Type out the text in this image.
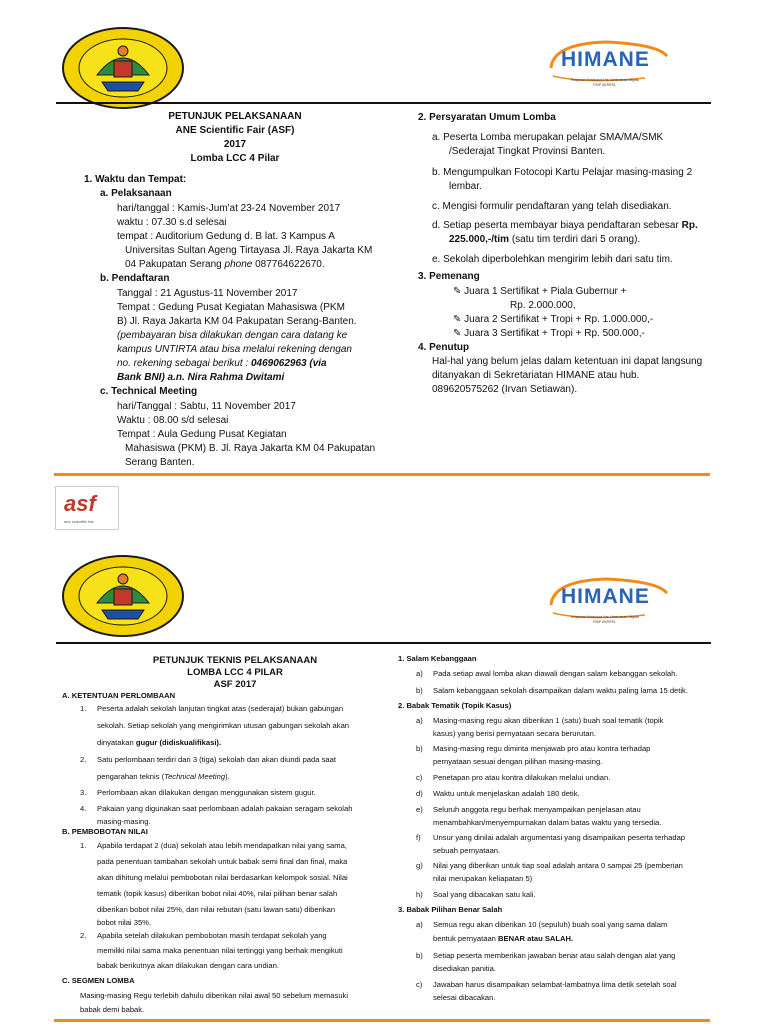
HIMANE
Himpunan Mahasiswa Ilmu Administrasi Negara
FISIP UNTIRTA
PETUNJUK PELAKSANAAN
ANE Scientific Fair (ASF)
2017
Lomba LCC 4 Pilar
1. Waktu dan Tempat:
a. Pelaksanaan
hari/tanggal : Kamis-Jum'at 23-24 November 2017
waktu : 07.30 s.d selesai
tempat : Auditorium Gedung d. B lat. 3 Kampus A
Universitas Sultan Ageng Tirtayasa Jl. Raya Jakarta KM
04 Pakupatan Serang phone 087764622670.
b. Pendaftaran
Tanggal : 21 Agustus-11 November 2017
Tempat : Gedung Pusat Kegiatan Mahasiswa (PKM
B) Jl. Raya Jakarta KM 04 Pakupatan Serang-Banten.
(pembayaran bisa dilakukan dengan cara datang ke
kampus UNTIRTA atau bisa melalui rekening dengan
no. rekening sebagai berikut : 0469062963 (via
Bank BNI) a.n. Nira Rahma Dwitami
c. Technical Meeting
hari/Tanggal : Sabtu, 11 November 2017
Waktu : 08.00 s/d selesai
Tempat : Aula Gedung Pusat Kegiatan
Mahasiswa (PKM) B. Jl. Raya Jakarta KM 04 Pakupatan
Serang Banten.
2. Persyaratan Umum Lomba
a. Peserta Lomba merupakan pelajar SMA/MA/SMK
/Sederajat Tingkat Provinsi Banten.
b. Mengumpulkan Fotocopi Kartu Pelajar masing-masing 2
lembar.
c. Mengisi formulir pendaftaran yang telah disediakan.
d. Setiap peserta membayar biaya pendaftaran sebesar Rp.
225.000,-/tim (satu tim terdiri dari 5 orang).
e. Sekolah diperbolehkan mengirim lebih dari satu tim.
3. Pemenang
✎ Juara 1 Sertifikat + Piala Gubernur +
Rp. 2.000.000,
✎ Juara 2 Sertifikat + Tropi + Rp. 1.000.000,-
✎ Juara 3 Sertifikat + Tropi + Rp. 500.000,-
4. Penutup
Hal-hal yang belum jelas dalam ketentuan ini dapat langsung
ditanyakan di Sekretariatan HIMANE atau hub.
089620575262 (Irvan Setiawan).
asf
ane scientific fair
HIMANE
Himpunan Mahasiswa Ilmu Administrasi Negara
FISIP UNTIRTA
PETUNJUK TEKNIS PELAKSANAAN
LOMBA LCC 4 PILAR
ASF 2017
A. KETENTUAN PERLOMBAAN
1. Peserta adalah sekolah lanjutan tingkat atas (sederajat) bukan gabungan
sekolah. Setiap sekolah yang mengirimkan utusan gabungan sekolah akan
dinyatakan gugur (didiskualifikasi).
2. Satu perlombaan terdiri dari 3 (tiga) sekolah dan akan diundi pada saat
pengarahan teknis (Technical Meeting).
3. Perlombaan akan dilakukan dengan menggunakan sistem gugur.
4. Pakaian yang digunakan saat perlombaan adalah pakaian seragam sekolah
masing-masing.
B. PEMBOBOTAN NILAI
1. Apabila terdapat 2 (dua) sekolah atau lebih mendapatkan nilai yang sama,
pada penentuan tambahan sekolah untuk babak semi final dan final, maka
akan dihitung melalui pembobotan nilai berdasarkan kelompok sosial. Nilai
tematik (topik kasus) diberikan bobot nilai 40%, nilai pilihan benar salah
diberikan bobot nilai 25%, dan nilai rebutan (satu lawan satu) diberikan
bobot nilai 35%.
2. Apabila setelah dilakukan pembobotan masih terdapat sekolah yang
memiliki nilai sama maka penentuan nilai tertinggi yang berhak mengikuti
babak berikutnya akan dilakukan dengan cara undian.
C. SEGMEN LOMBA
Masing-masing Regu terlebih dahulu diberikan nilai awal 50 sebelum memasuki
babak demi babak.
1. Salam Kebanggaan
a) Pada setiap awal lomba akan diawali dengan salam kebanggan sekolah.
b) Salam kebanggaan sekolah disampaikan dalam waktu paling lama 15 detik.
2. Babak Tematik (Topik Kasus)
a) Masing-masing regu akan diberikan 1 (satu) buah soal tematik (topik
kasus) yang berisi pernyataan secara berurutan.
b) Masing-masing regu diminta menjawab pro atau kontra terhadap
pernyataan sesuai dengan pilihan masing-masing.
c) Penetapan pro atau kontra dilakukan melalui undian.
d) Waktu untuk menjelaskan adalah 180 detik.
e) Seluruh anggota regu berhak menyampaikan penjelasan atau
menambahkan/menyempurnakan dalam batas waktu yang tersedia.
f) Unsur yang dinilai adalah argumentasi yang disampaikan peserta terhadap
sebuah pernyataan.
g) Nilai yang diberikan untuk tiap soal adalah antara 0 sampai 25 (pemberian
nilai merupakan keliapatan 5)
h) Soal yang dibacakan satu kali.
3. Babak Pilihan Benar Salah
a) Semua regu akan diberikan 10 (sepuluh) buah soal yang sama dalam
bentuk pernyataan BENAR atau SALAH.
b) Setiap peserta memberikan jawaban benar atau salah dengan alat yang
disediakan panitia.
c) Jawaban harus disampaikan selambat-lambatnya lima detik setelah soal
selesai dibacakan.
